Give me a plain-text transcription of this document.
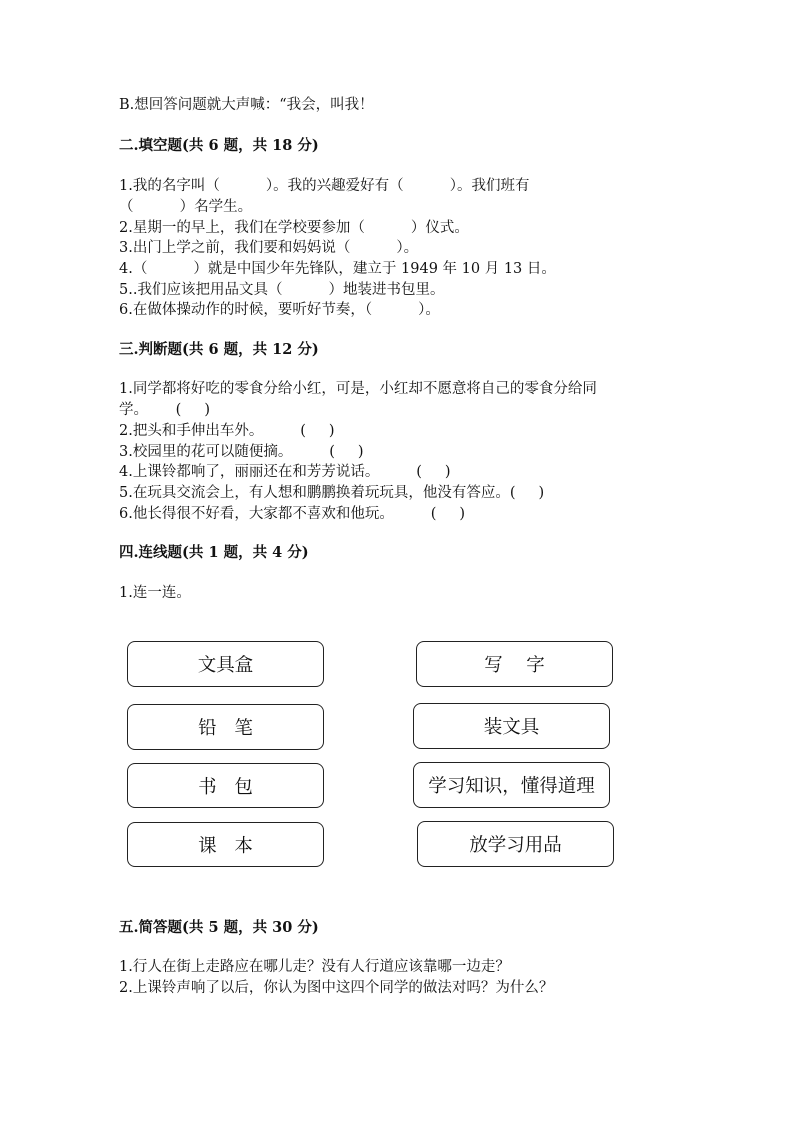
B.想回答问题就大声喊：“我会，叫我！
二.填空题(共 6 题，共 18 分)
1.我的名字叫（          ）。我的兴趣爱好有（          ）。我们班有
（          ）名学生。
2.星期一的早上，我们在学校要参加（          ）仪式。
3.出门上学之前，我们要和妈妈说（          ）。
4.（          ）就是中国少年先锋队，建立于 1949 年 10 月 13 日。
5..我们应该把用品文具（          ）地装进书包里。
6.在做体操动作的时候，要听好节奏，（          ）。
三.判断题(共 6 题，共 12 分)
1.同学都将好吃的零食分给小红，可是，小红却不愿意将自己的零食分给同
学。      (     )
2.把头和手伸出车外。        (     )
3.校园里的花可以随便摘。        (     )
4.上课铃都响了，丽丽还在和芳芳说话。        (     )
5.在玩具交流会上，有人想和鹏鹏换着玩玩具，他没有答应。(     )
6.他长得很不好看，大家都不喜欢和他玩。        (     )
四.连线题(共 1 题，共 4 分)
1.连一连。
文具盒
铅   笔
书   包
课   本
写    字
装文具
学习知识，懂得道理
放学习用品
五.简答题(共 5 题，共 30 分)
1.行人在街上走路应在哪儿走？没有人行道应该靠哪一边走？
2.上课铃声响了以后，你认为图中这四个同学的做法对吗？为什么？
